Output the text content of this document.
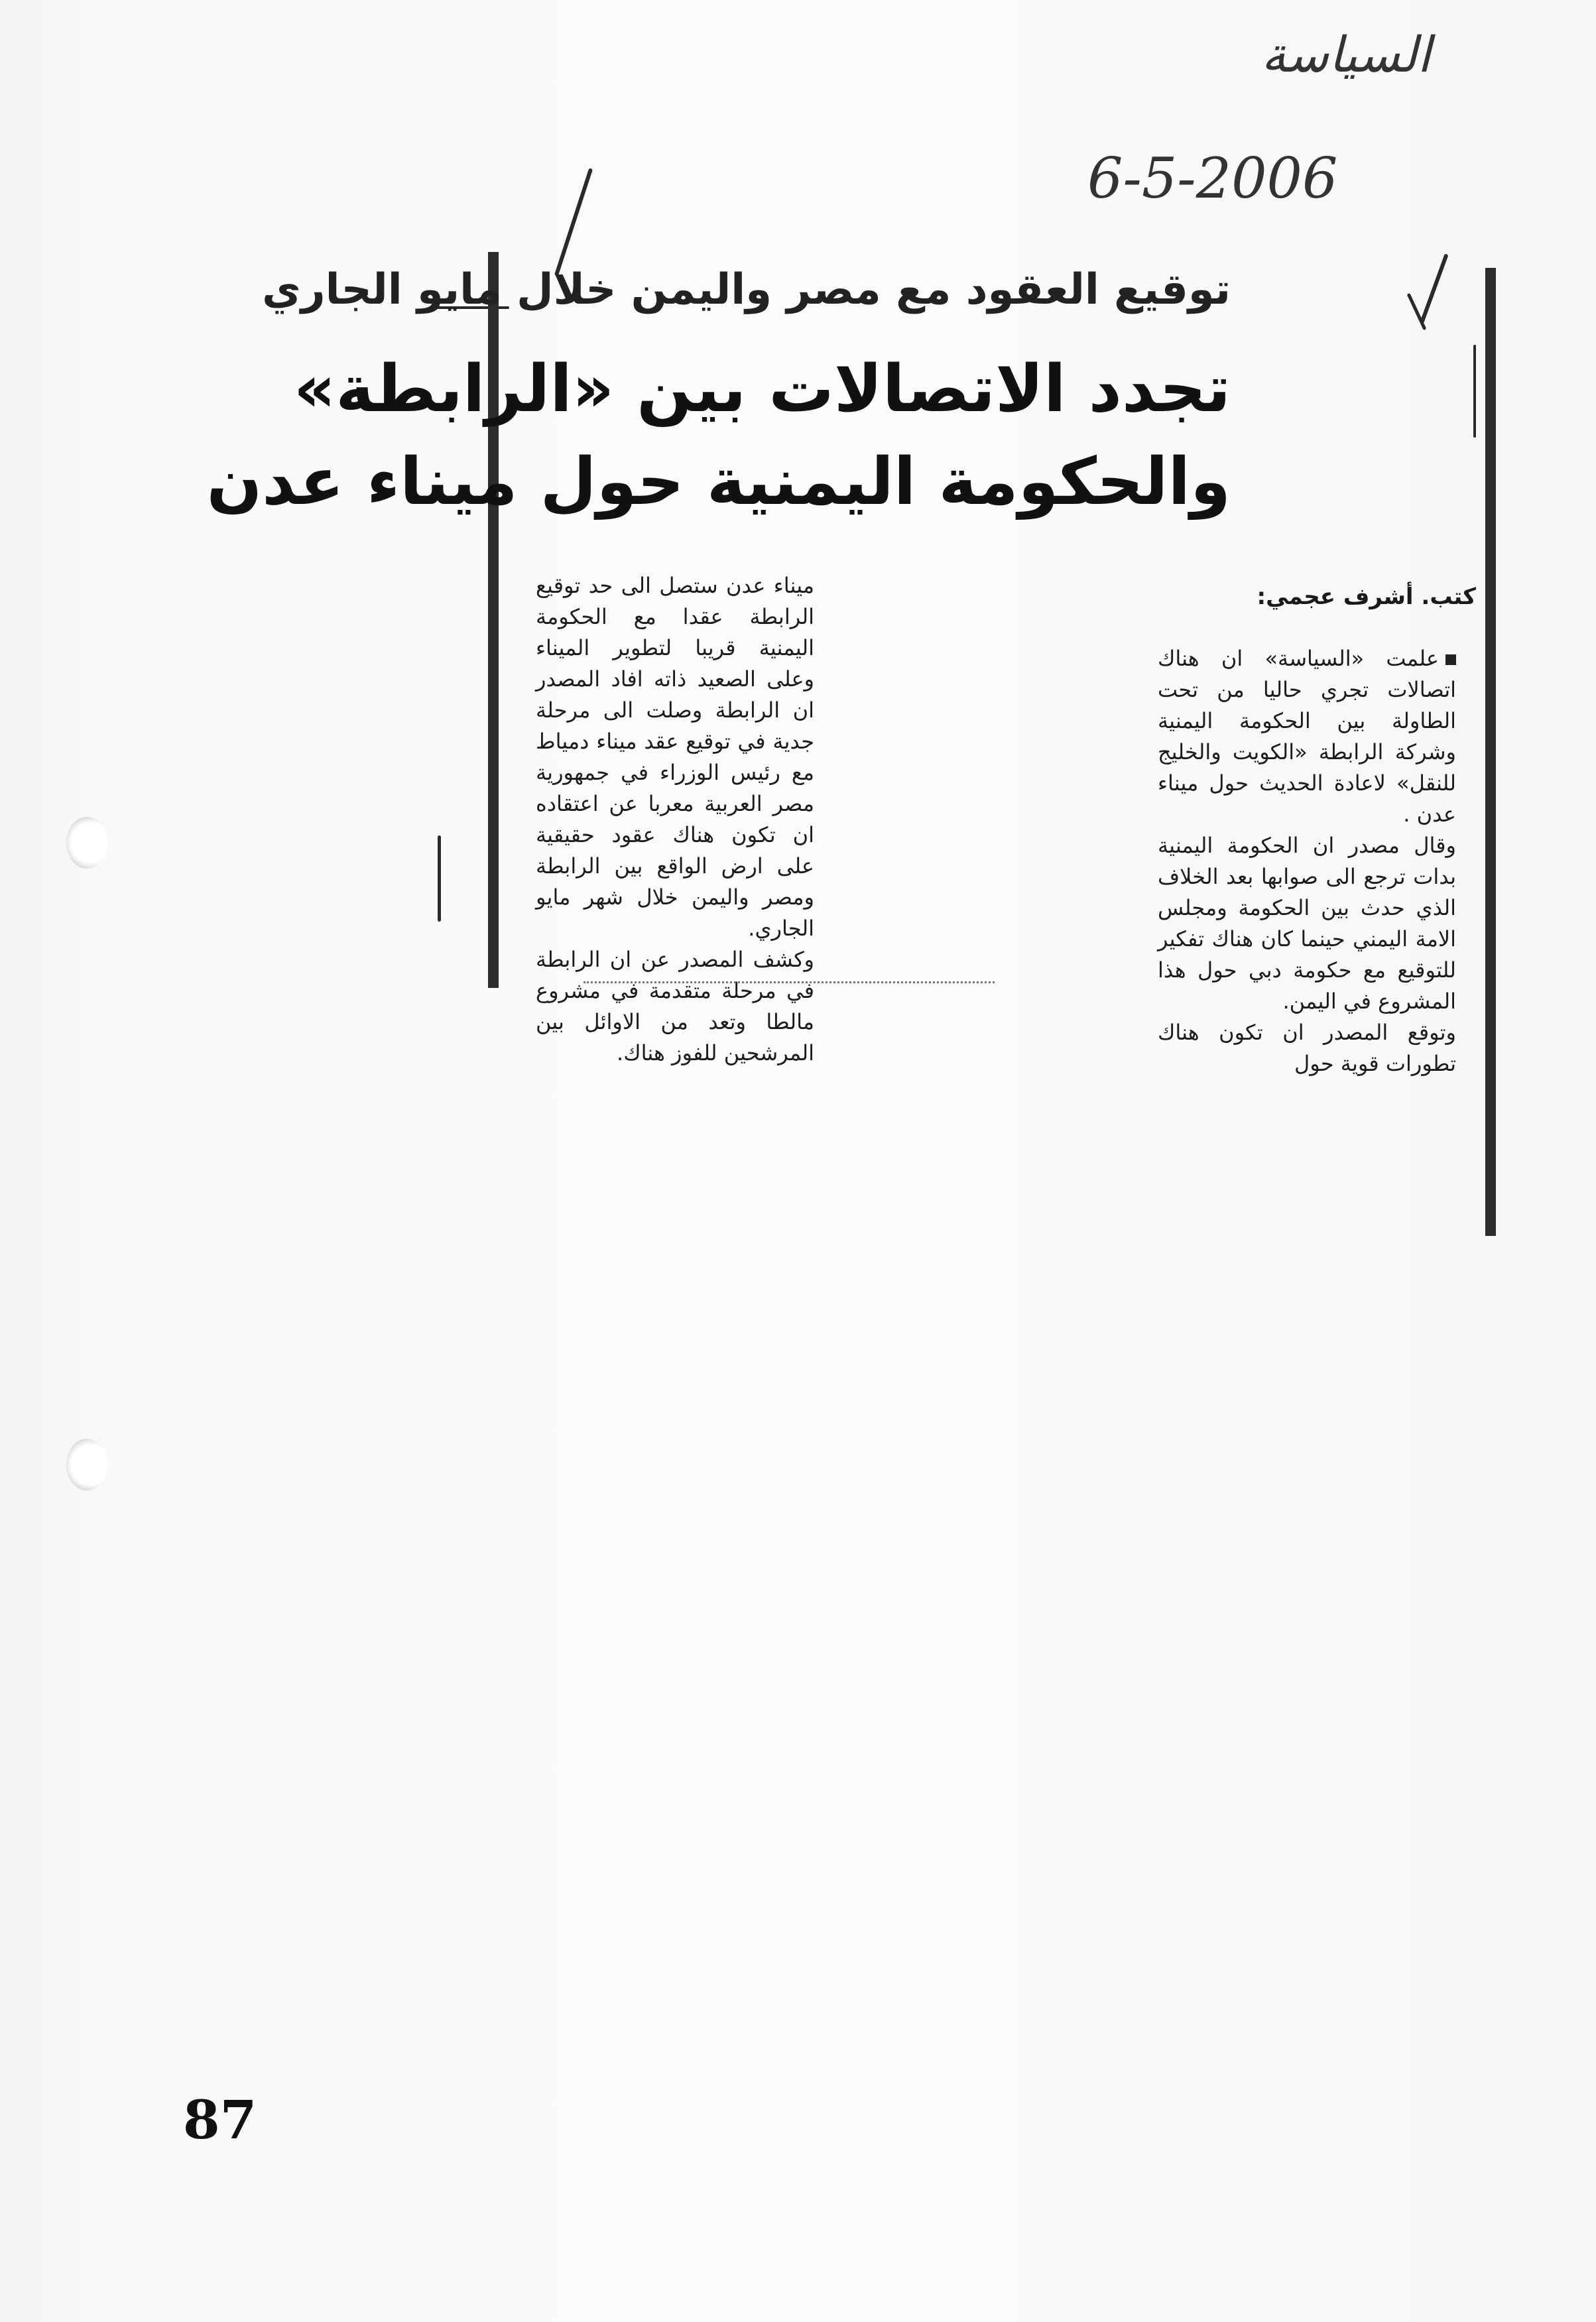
السياسة
6-5-2006
توقيع العقود مع مصر واليمن خلال مايو الجاري
تجدد الاتصالات بين «الرابطة»
والحكومة اليمنية حول ميناء عدن
كتب. أشرف عجمي:

علمت «السياسة» ان هناك اتصالات تجري حاليا من تحت الطاولة بين الحكومة اليمنية وشركة الرابطة «الكويت والخليج للنقل» لاعادة الحديث حول ميناء عدن .

وقال مصدر ان الحكومة اليمنية بدات ترجع الى صوابها بعد الخلاف الذي حدث بين الحكومة ومجلس الامة اليمني حينما كان هناك تفكير للتوقيع مع حكومة دبي حول هذا المشروع في اليمن.

وتوقع المصدر ان تكون هناك تطورات قوية حول

ميناء عدن ستصل الى حد توقيع الرابطة عقدا مع الحكومة اليمنية قريبا لتطوير الميناء وعلى الصعيد ذاته افاد المصدر ان الرابطة وصلت الى مرحلة جدية في توقيع عقد ميناء دمياط مع رئيس الوزراء في جمهورية مصر العربية معربا عن اعتقاده ان تكون هناك عقود حقيقية على ارض الواقع بين الرابطة ومصر واليمن خلال شهر مايو الجاري.

وكشف المصدر عن ان الرابطة في مرحلة متقدمة في مشروع مالطا وتعد من الاوائل بين المرشحين للفوز هناك.

87
